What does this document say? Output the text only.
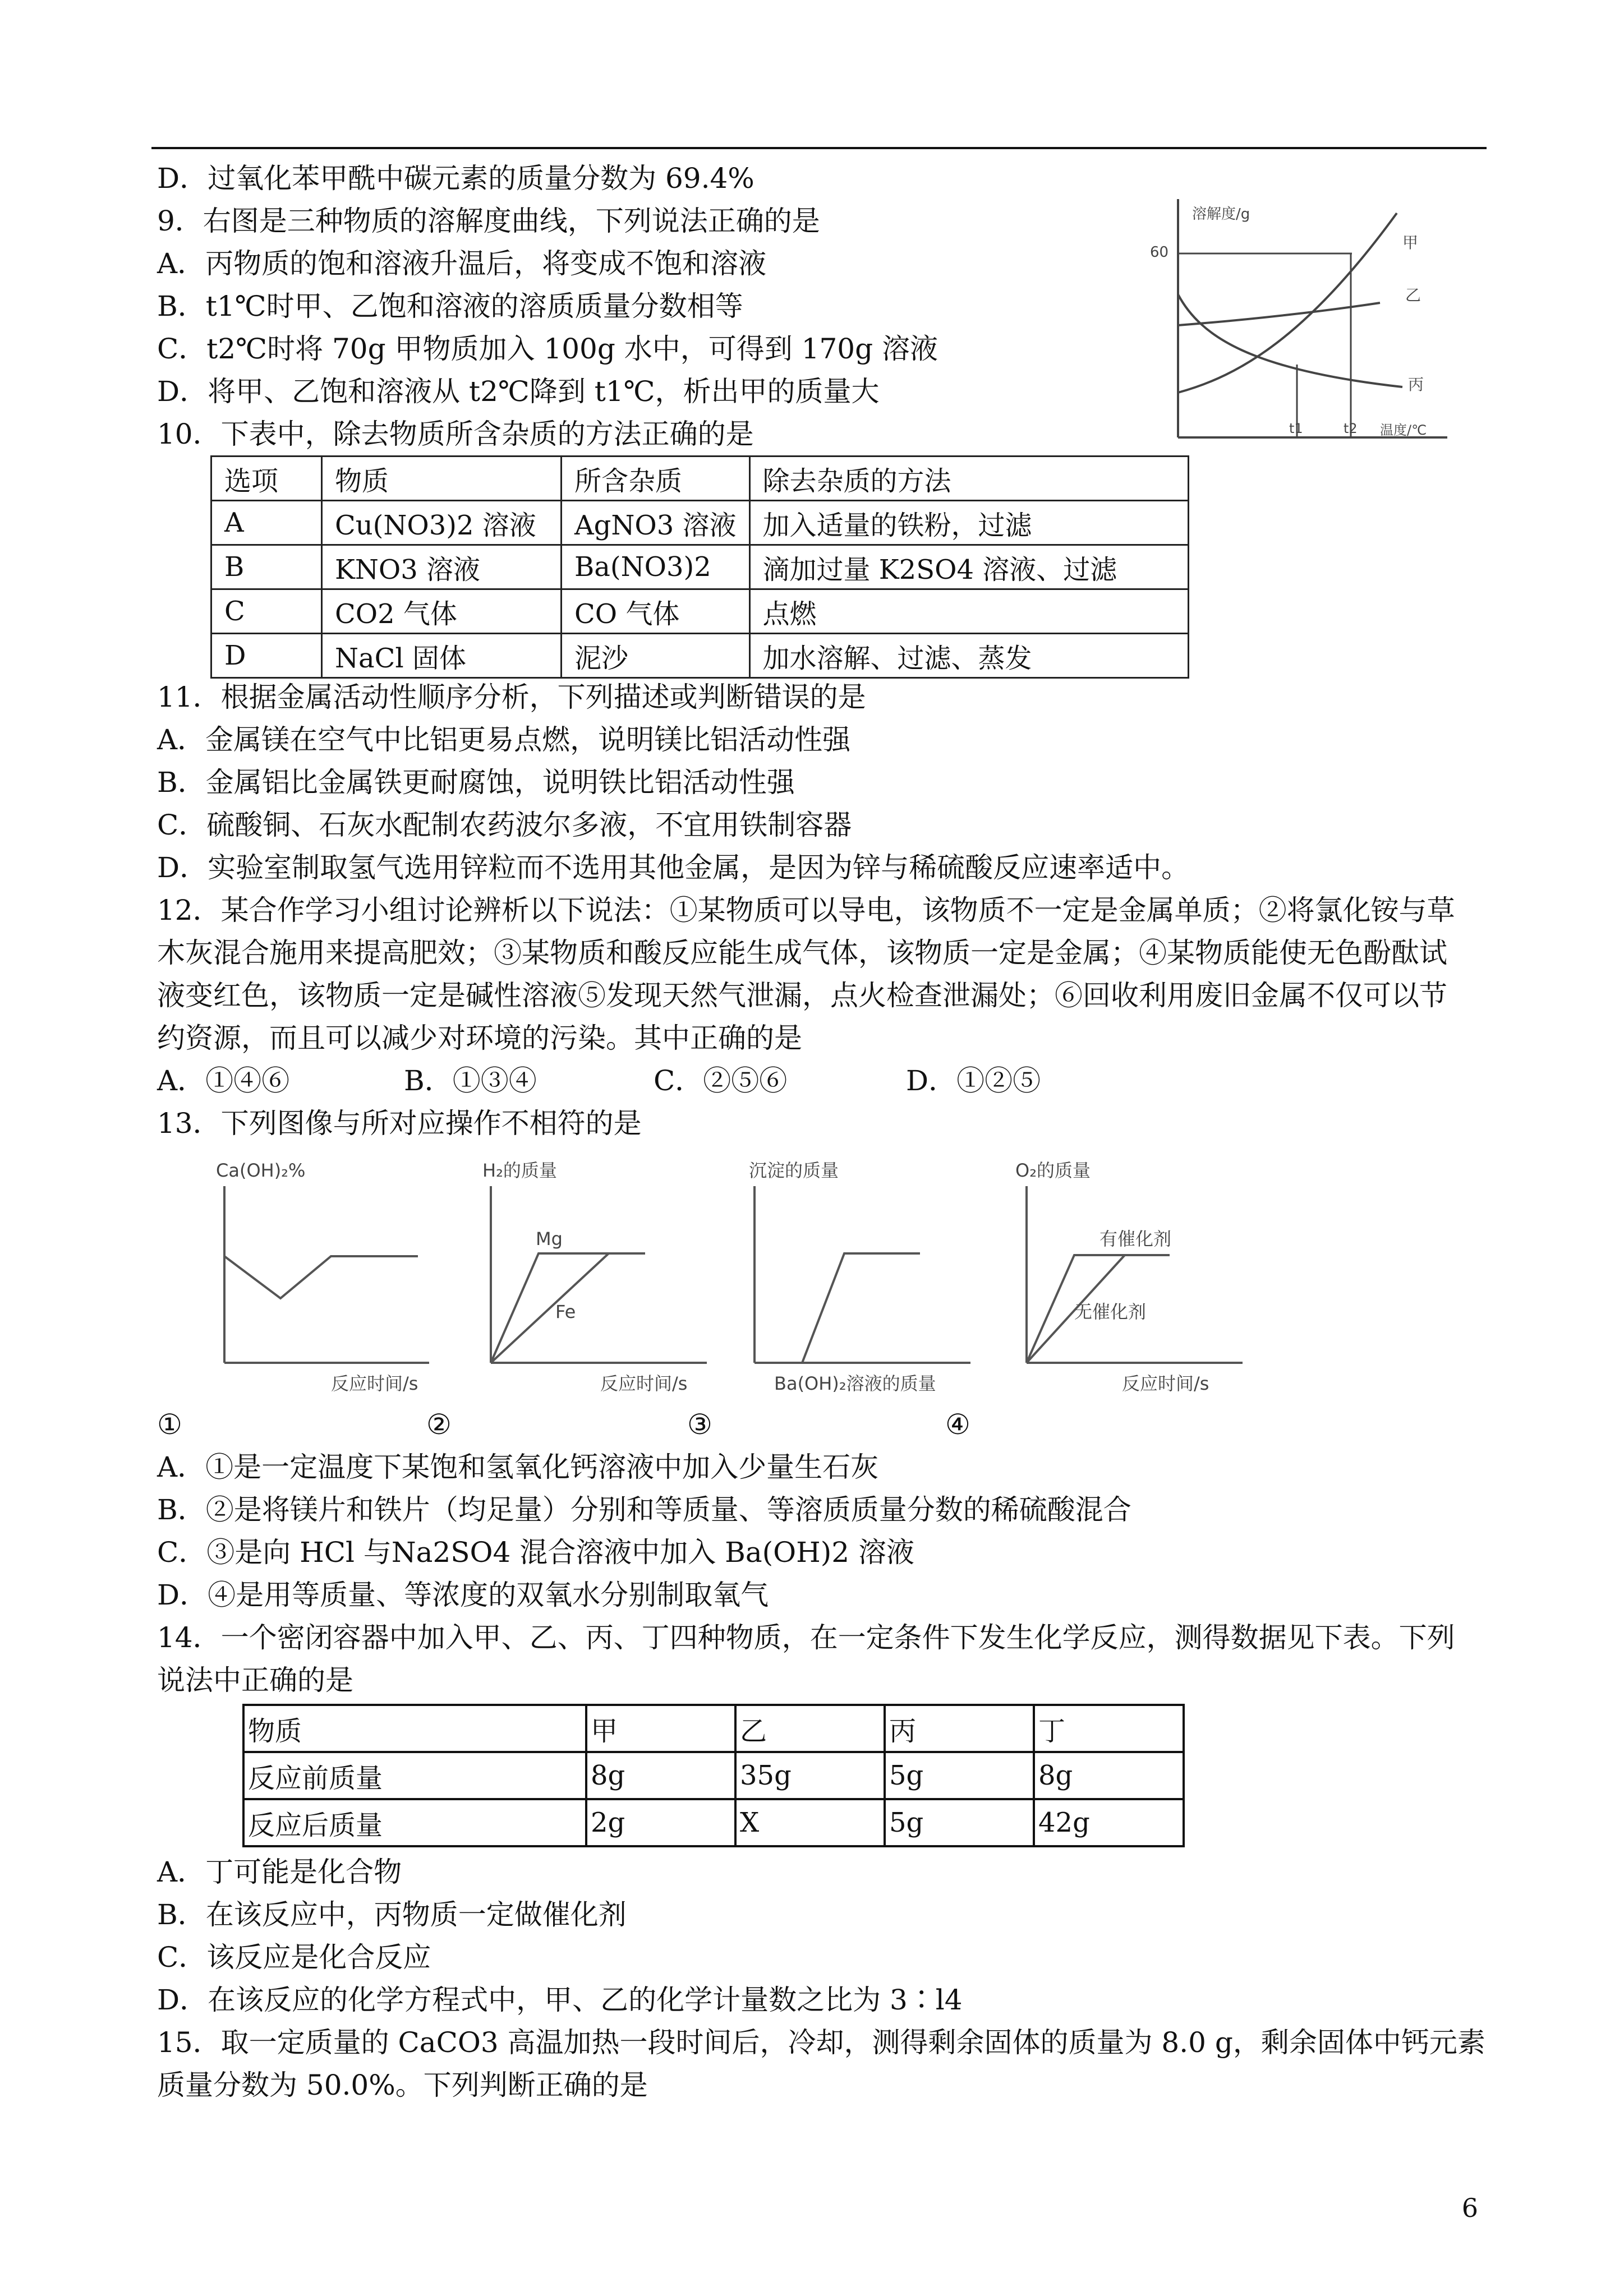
D．过氧化苯甲酰中碳元素的质量分数为 69.4%
9．右图是三种物质的溶解度曲线，下列说法正确的是
A．丙物质的饱和溶液升温后，将变成不饱和溶液
B．t1℃时甲、乙饱和溶液的溶质质量分数相等
C．t2℃时将 70g 甲物质加入 100g 水中，可得到 170g 溶液
D．将甲、乙饱和溶液从 t2℃降到 t1℃，析出甲的质量大
10．下表中，除去物质所含杂质的方法正确的是
溶解度/g
60
甲
乙
丙
t1	t2 温度/℃
选项	物质	所含杂质	除去杂质的方法
A	Cu(NO3)2 溶液	AgNO3 溶液	加入适量的铁粉，过滤
B	KNO3 溶液	Ba(NO3)2	滴加过量 K2SO4 溶液、过滤
C	CO2 气体	CO 气体	点燃
D	NaCl 固体	泥沙	加水溶解、过滤、蒸发
11．根据金属活动性顺序分析，下列描述或判断错误的是
A．金属镁在空气中比铝更易点燃，说明镁比铝活动性强
B．金属铝比金属铁更耐腐蚀，说明铁比铝活动性强
C．硫酸铜、石灰水配制农药波尔多液，不宜用铁制容器
D．实验室制取氢气选用锌粒而不选用其他金属，是因为锌与稀硫酸反应速率适中。
12．某合作学习小组讨论辨析以下说法：①某物质可以导电，该物质不一定是金属单质；②将氯化铵与草
木灰混合施用来提高肥效；③某物质和酸反应能生成气体，该物质一定是金属；④某物质能使无色酚酞试
液变红色，该物质一定是碱性溶液⑤发现天然气泄漏，点火检查泄漏处；⑥回收利用废旧金属不仅可以节
约资源，而且可以减少对环境的污染。其中正确的是
A．①④⑥	B．①③④	C．②⑤⑥	D．①②⑤
13．下列图像与所对应操作不相符的是
Ca(OH)₂%
反应时间/s
H₂的质量
Mg
Fe
反应时间/s
沉淀的质量
Ba(OH)₂溶液的质量
O₂的质量
有催化剂
无催化剂
反应时间/s
①	②	③	④
A．①是一定温度下某饱和氢氧化钙溶液中加入少量生石灰
B．②是将镁片和铁片（均足量）分别和等质量、等溶质质量分数的稀硫酸混合
C．③是向 HCl 与Na2SO4 混合溶液中加入 Ba(OH)2 溶液
D．④是用等质量、等浓度的双氧水分别制取氧气
14．一个密闭容器中加入甲、乙、丙、丁四种物质，在一定条件下发生化学反应，测得数据见下表。下列
说法中正确的是
物质	甲	乙	丙	丁
反应前质量	8g	35g	5g	8g
反应后质量	2g	X	5g	42g
A．丁可能是化合物
B．在该反应中，丙物质一定做催化剂
C．该反应是化合反应
D．在该反应的化学方程式中，甲、乙的化学计量数之比为 3∶l4
15．取一定质量的 CaCO3 高温加热一段时间后，冷却，测得剩余固体的质量为 8.0 g，剩余固体中钙元素
质量分数为 50.0%。下列判断正确的是
6
